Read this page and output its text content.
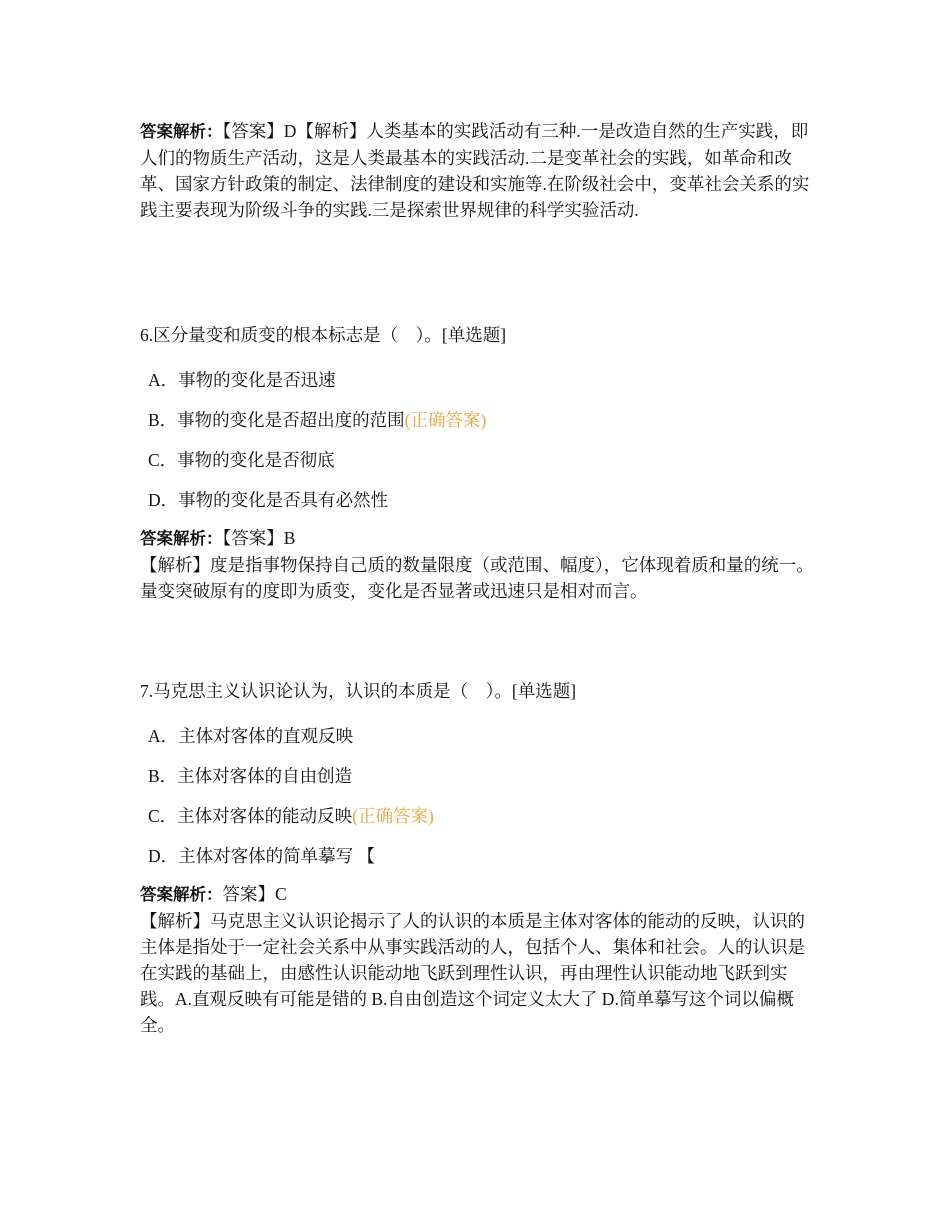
答案解析：【答案】D【解析】人类基本的实践活动有三种.一是改造自然的生产实践，即人们的物质生产活动，这是人类最基本的实践活动.二是变革社会的实践，如革命和改革、国家方针政策的制定、法律制度的建设和实施等.在阶级社会中，变革社会关系的实践主要表现为阶级斗争的实践.三是探索世界规律的科学实验活动.

6.区分量变和质变的根本标志是（　）。[单选题]

A．事物的变化是否迅速

B．事物的变化是否超出度的范围(正确答案)

C．事物的变化是否彻底

D．事物的变化是否具有必然性

答案解析：【答案】B
【解析】度是指事物保持自己质的数量限度（或范围、幅度），它体现着质和量的统一。量变突破原有的度即为质变，变化是否显著或迅速只是相对而言。

7.马克思主义认识论认为，认识的本质是（　）。[单选题]

A．主体对客体的直观反映

B．主体对客体的自由创造

C．主体对客体的能动反映(正确答案)

D．主体对客体的简单摹写 【

答案解析：答案】C
【解析】马克思主义认识论揭示了人的认识的本质是主体对客体的能动的反映，认识的主体是指处于一定社会关系中从事实践活动的人，包括个人、集体和社会。人的认识是在实践的基础上，由感性认识能动地飞跃到理性认识，再由理性认识能动地飞跃到实践。A.直观反映有可能是错的 B.自由创造这个词定义太大了 D.简单摹写这个词以偏概全。
